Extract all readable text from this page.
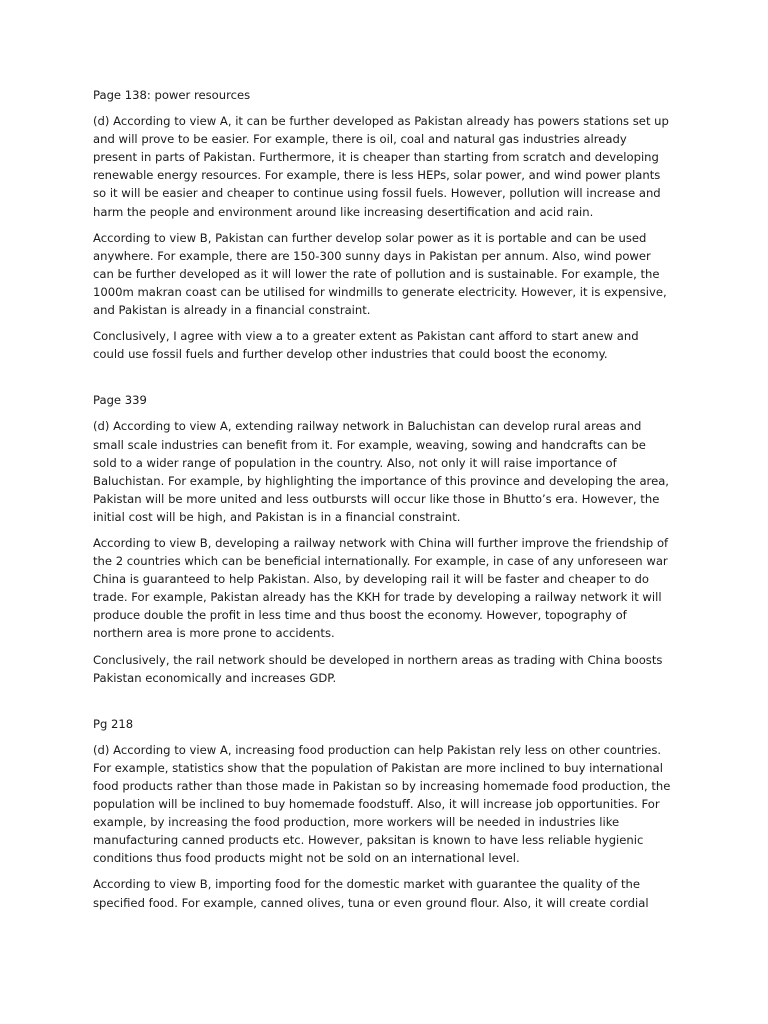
Page 138: power resources

(d) According to view A, it can be further developed as Pakistan already has powers stations set up and will prove to be easier. For example, there is oil, coal and natural gas industries already present in parts of Pakistan. Furthermore, it is cheaper than starting from scratch and developing renewable energy resources. For example, there is less HEPs, solar power, and wind power plants so it will be easier and cheaper to continue using fossil fuels. However, pollution will increase and harm the people and environment around like increasing desertification and acid rain.

According to view B, Pakistan can further develop solar power as it is portable and can be used anywhere. For example, there are 150-300 sunny days in Pakistan per annum. Also, wind power can be further developed as it will lower the rate of pollution and is sustainable. For example, the 1000m makran coast can be utilised for windmills to generate electricity. However, it is expensive, and Pakistan is already in a financial constraint.

Conclusively, I agree with view a to a greater extent as Pakistan cant afford to start anew and could use fossil fuels and further develop other industries that could boost the economy.

Page 339

(d) According to view A, extending railway network in Baluchistan can develop rural areas and small scale industries can benefit from it. For example, weaving, sowing and handcrafts can be sold to a wider range of population in the country. Also, not only it will raise importance of Baluchistan. For example, by highlighting the importance of this province and developing the area, Pakistan will be more united and less outbursts will occur like those in Bhutto’s era. However, the initial cost will be high, and Pakistan is in a financial constraint.

According to view B, developing a railway network with China will further improve the friendship of the 2 countries which can be beneficial internationally. For example, in case of any unforeseen war China is guaranteed to help Pakistan. Also, by developing rail it will be faster and cheaper to do trade. For example, Pakistan already has the KKH for trade by developing a railway network it will produce double the profit in less time and thus boost the economy. However, topography of northern area is more prone to accidents.

Conclusively, the rail network should be developed in northern areas as trading with China boosts Pakistan economically and increases GDP.

Pg 218

(d) According to view A, increasing food production can help Pakistan rely less on other countries. For example, statistics show that the population of Pakistan are more inclined to buy international food products rather than those made in Pakistan so by increasing homemade food production, the population will be inclined to buy homemade foodstuff. Also, it will increase job opportunities. For example, by increasing the food production, more workers will be needed in industries like manufacturing canned products etc. However, paksitan is known to have less reliable hygienic conditions thus food products might not be sold on an international level.

According to view B, importing food for the domestic market with guarantee the quality of the specified food. For example, canned olives, tuna or even ground flour. Also, it will create cordial
